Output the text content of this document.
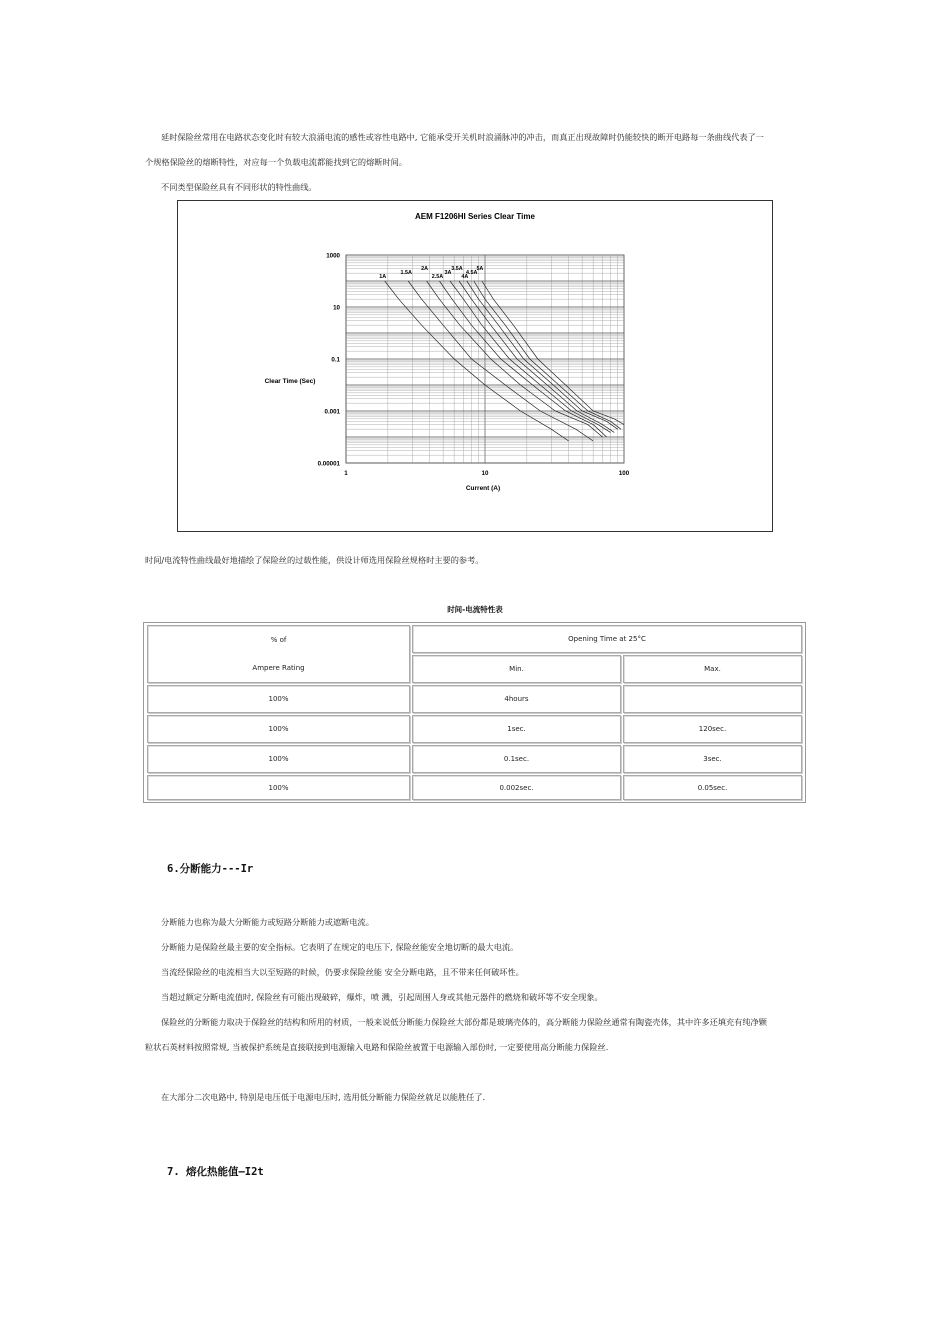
延时保险丝常用在电路状态变化时有较大浪涌电流的感性或容性电路中, 它能承受开关机时浪涌脉冲的冲击，而真正出现故障时仍能较快的断开电路每一条曲线代表了一

个规格保险丝的熔断特性，对应每一个负载电流都能找到它的熔断时间。

不同类型保险丝具有不同形状的特性曲线。

AEM F1206HI Series Clear Time
Clear Time (Sec)
Current (A)
1A
1.5A
2A
2.5A
3A
3.5A
4A
4.5A
5A
1000
10
0.1
0.001
0.00001
1	10	100

时间/电流特性曲线最好地描绘了保险丝的过载性能，供设计师选用保险丝规格时主要的参考。

时间-电流特性表
% of
Ampere Rating
Opening Time at 25°C
Min.	Max.
100%	4hours
100%	1sec.	120sec.
100%	0.1sec.	3sec.
100%	0.002sec.	0.05sec.
6.分断能力---Ir

分断能力也称为最大分断能力或短路分断能力或遮断电流。

分断能力是保险丝最主要的安全指标。它表明了在规定的电压下, 保险丝能安全地切断的最大电流。

当流经保险丝的电流相当大以至短路的时候，仍要求保险丝能 安全分断电路，且不带来任何破坏性。

当超过额定分断电流值时, 保险丝有可能出现破碎，爆炸，喷 溅，引起周围人身或其他元器件的燃烧和破坏等不安全现象。

保险丝的分断能力取决于保险丝的结构和所用的材质，一般来说低分断能力保险丝大部份都是玻璃壳体的，高分断能力保险丝通常有陶瓷壳体，其中许多还填充有纯净颗

粒状石英材料按照常规, 当被保护系统是直接联接到电源输入电路和保险丝被置于电源输入部份时, 一定要使用高分断能力保险丝.

在大部分二次电路中, 特别是电压低于电源电压时, 选用低分断能力保险丝就足以能胜任了.

7. 熔化热能值—I2t
